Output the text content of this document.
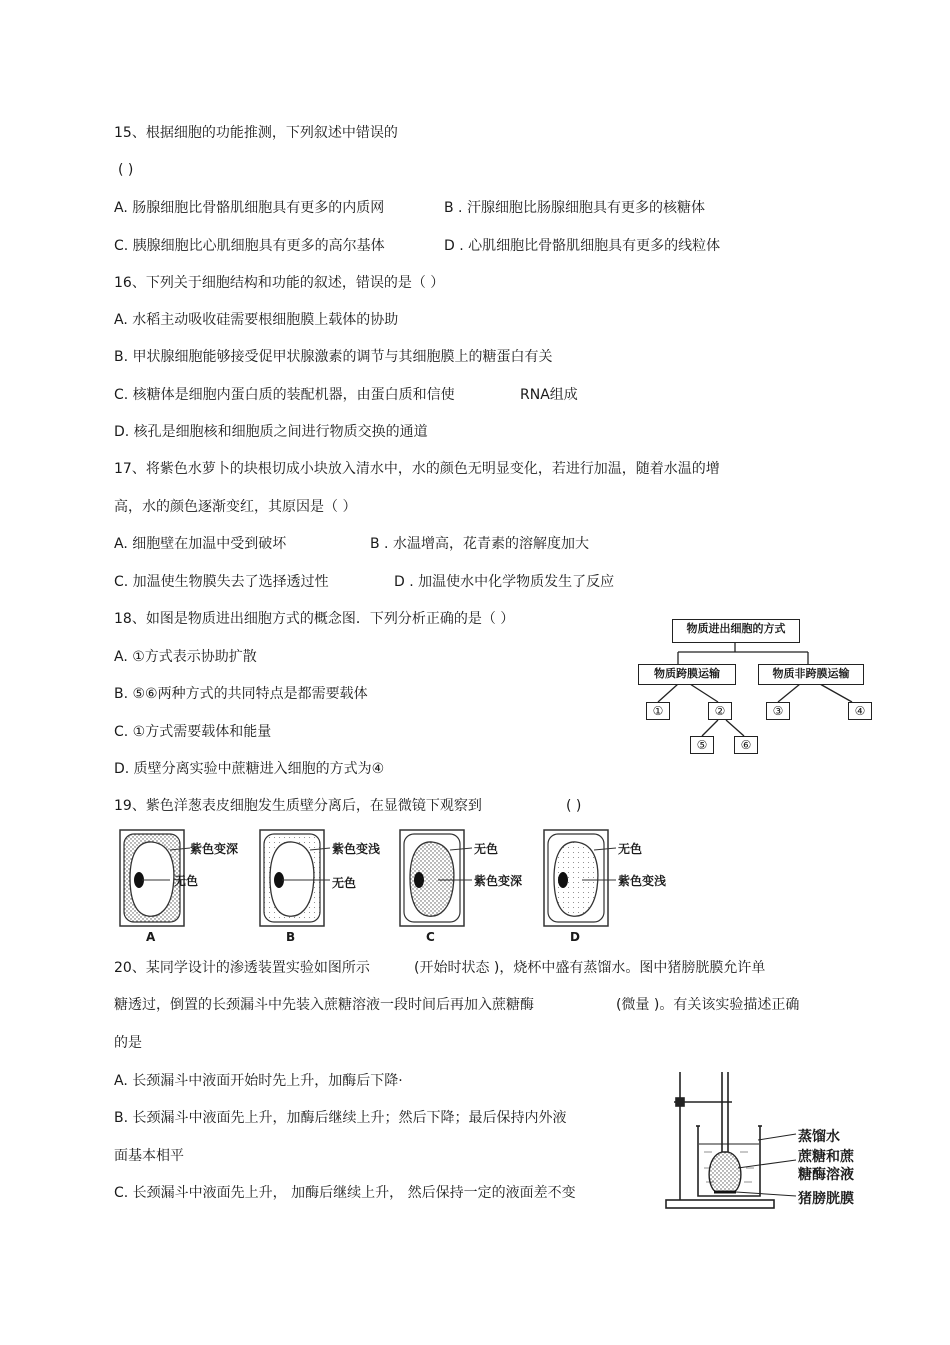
15、根据细胞的功能推测，下列叙述中错误的
( )
A. 肠腺细胞比骨骼肌细胞具有更多的内质网	B . 汗腺细胞比肠腺细胞具有更多的核糖体
C. 胰腺细胞比心肌细胞具有更多的高尔基体	D . 心肌细胞比骨骼肌细胞具有更多的线粒体
16、下列关于细胞结构和功能的叙述，错误的是（ ）
A. 水稻主动吸收硅需要根细胞膜上载体的协助
B. 甲状腺细胞能够接受促甲状腺激素的调节与其细胞膜上的糖蛋白有关
C. 核糖体是细胞内蛋白质的装配机器，由蛋白质和信使	RNA组成
D. 核孔是细胞核和细胞质之间进行物质交换的通道
17、将紫色水萝卜的块根切成小块放入清水中，水的颜色无明显变化，若进行加温，随着水温的增
高，水的颜色逐渐变红，其原因是（ ）
A. 细胞壁在加温中受到破坏	B . 水温增高，花青素的溶解度加大
C. 加温使生物膜失去了选择透过性	D . 加温使水中化学物质发生了反应
18、如图是物质进出细胞方式的概念图．下列分析正确的是（ ）
A. ①方式表示协助扩散
B. ⑤⑥两种方式的共同特点是都需要载体
C. ①方式需要载体和能量
D. 质壁分离实验中蔗糖进入细胞的方式为④
物质进出细胞的方式
物质跨膜运输	物质非跨膜运输
①	②	③	④
⑤	⑥
19、紫色洋葱表皮细胞发生质壁分离后，在显微镜下观察到	( )
紫色变深
无色
A
紫色变浅
无色
B
无色
紫色变深
C
无色
紫色变浅
D
20、某同学设计的渗透装置实验如图所示	(开始时状态 )，烧杯中盛有蒸馏水。图中猪膀胱膜允许单
糖透过，倒置的长颈漏斗中先装入蔗糖溶液一段时间后再加入蔗糖酶	(微量 )。有关该实验描述正确
的是
A. 长颈漏斗中液面开始时先上升，加酶后下降·
B. 长颈漏斗中液面先上升，加酶后继续上升；然后下降；最后保持内外液
面基本相平
C. 长颈漏斗中液面先上升， 加酶后继续上升， 然后保持一定的液面差不变
蒸馏水
蔗糖和蔗
糖酶溶液
猪膀胱膜
